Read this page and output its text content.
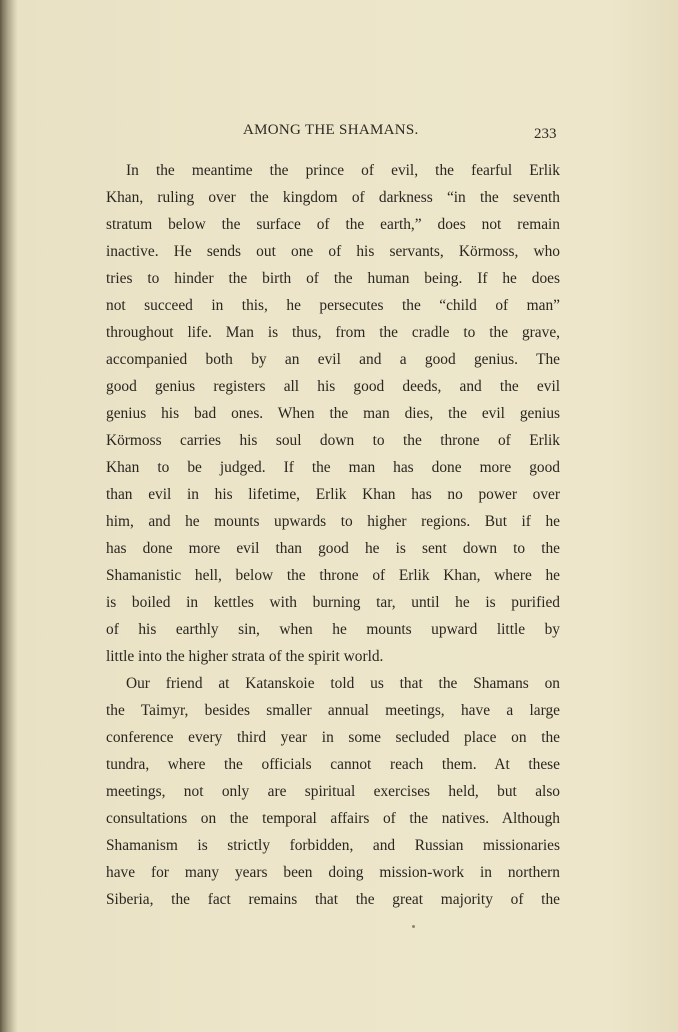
AMONG THE SHAMANS.	233
In the meantime the prince of evil, the fearful Erlik
Khan, ruling over the kingdom of darkness “in the seventh
stratum below the surface of the earth,” does not remain
inactive. He sends out one of his servants, Körmoss, who
tries to hinder the birth of the human being. If he does
not succeed in this, he persecutes the “child of man”
throughout life. Man is thus, from the cradle to the grave,
accompanied both by an evil and a good genius. The
good genius registers all his good deeds, and the evil
genius his bad ones. When the man dies, the evil genius
Körmoss carries his soul down to the throne of Erlik
Khan to be judged. If the man has done more good
than evil in his lifetime, Erlik Khan has no power over
him, and he mounts upwards to higher regions. But if he
has done more evil than good he is sent down to the
Shamanistic hell, below the throne of Erlik Khan, where he
is boiled in kettles with burning tar, until he is purified
of his earthly sin, when he mounts upward little by
little into the higher strata of the spirit world.
Our friend at Katanskoie told us that the Shamans on
the Taimyr, besides smaller annual meetings, have a large
conference every third year in some secluded place on the
tundra, where the officials cannot reach them. At these
meetings, not only are spiritual exercises held, but also
consultations on the temporal affairs of the natives. Although
Shamanism is strictly forbidden, and Russian missionaries
have for many years been doing mission-work in northern
Siberia, the fact remains that the great majority of the
